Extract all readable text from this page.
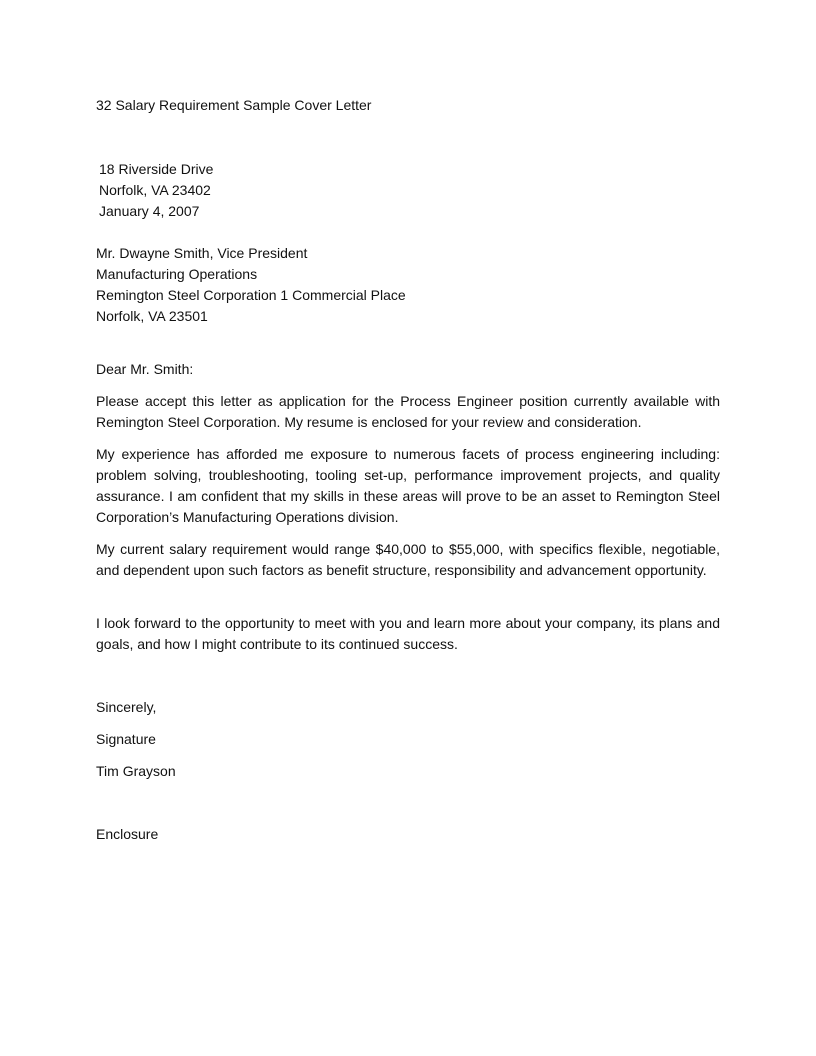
32 Salary Requirement Sample Cover Letter
18 Riverside Drive
Norfolk, VA 23402
January 4, 2007
Mr. Dwayne Smith, Vice President
Manufacturing Operations
Remington Steel Corporation 1 Commercial Place
Norfolk, VA 23501
Dear Mr. Smith:
Please accept this letter as application for the Process Engineer position currently available with Remington Steel Corporation. My resume is enclosed for your review and consideration.
My experience has afforded me exposure to numerous facets of process engineering including: problem solving, troubleshooting, tooling set-up, performance improvement projects, and quality assurance. I am confident that my skills in these areas will prove to be an asset to Remington Steel Corporation’s Manufacturing Operations division.
My current salary requirement would range $40,000 to $55,000, with specifics flexible, negotiable, and dependent upon such factors as benefit structure, responsibility and advancement opportunity.
I look forward to the opportunity to meet with you and learn more about your company, its plans and goals, and how I might contribute to its continued success.
Sincerely,
Signature
Tim Grayson
Enclosure
